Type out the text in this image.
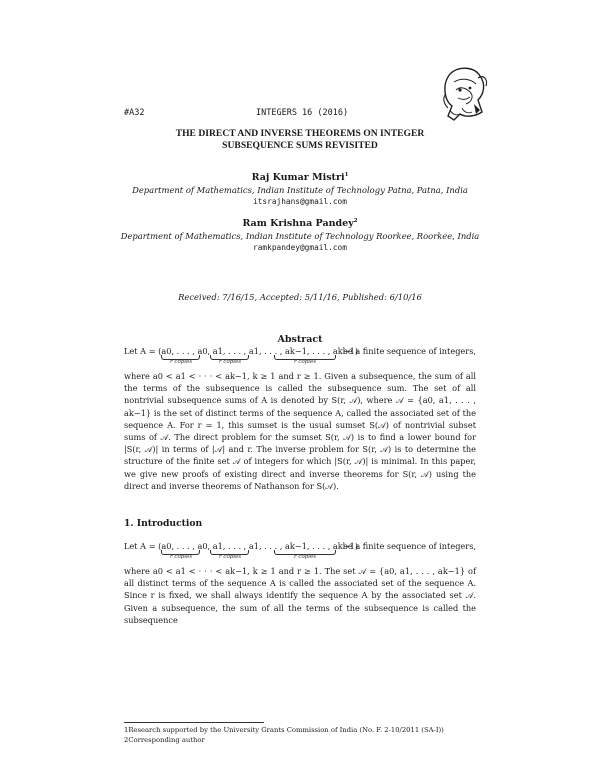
#A32	INTEGERS 16 (2016)
THE DIRECT AND INVERSE THEOREMS ON INTEGER
SUBSEQUENCE SUMS REVISITED
Raj Kumar Mistri$^1$
Department of Mathematics, Indian Institute of Technology Patna, Patna, India
itsrajhans@gmail.com
Ram Krishna Pandey$^2$
Department of Mathematics, Indian Institute of Technology Roorkee, Roorkee, India
ramkpandey@gmail.com
Received: 7/16/15, Accepted: 5/11/16, Published: 6/10/16
Abstract
Let A = (a0, . . . , a0, a1, . . . , a1, . . . , ak−1, . . . , ak−1)
be a finite sequence of integers,
r copies	r copies	r copies

where a0 < a1 < · · · < ak−1, k ≥ 1 and r ≥ 1. Given a subsequence, the sum of all the terms of the subsequence is called the subsequence sum. The set of all nontrivial subsequence sums of A is denoted by S(r, 𝒜), where 𝒜 = {a0, a1, . . . , ak−1} is the set of distinct terms of the sequence A, called the associated set of the sequence A. For r = 1, this sumset is the usual sumset S(𝒜) of nontrivial subset sums of 𝒜. The direct problem for the sumset S(r, 𝒜) is to find a lower bound for |S(r, 𝒜)| in terms of |𝒜| and r. The inverse problem for S(r, 𝒜) is to determine the structure of the finite set 𝒜 of integers for which |S(r, 𝒜)| is minimal. In this paper, we give new proofs of existing direct and inverse theorems for S(r, 𝒜) using the direct and inverse theorems of Nathanson for S(𝒜).

1. Introduction
Let A = (a0, . . . , a0, a1, . . . , a1, . . . , ak−1, . . . , ak−1)
be a finite sequence of integers,
r copies	r copies	r copies

where a0 < a1 < · · · < ak−1, k ≥ 1 and r ≥ 1. The set 𝒜 = {a0, a1, . . . , ak−1} of all distinct terms of the sequence A is called the associated set of the sequence A. Since r is fixed, we shall always identify the sequence A by the associated set 𝒜. Given a subsequence, the sum of all the terms of the subsequence is called the subsequence

1Research supported by the University Grants Commission of India (No. F. 2-10/2011 (SA-I))
2Corresponding author
